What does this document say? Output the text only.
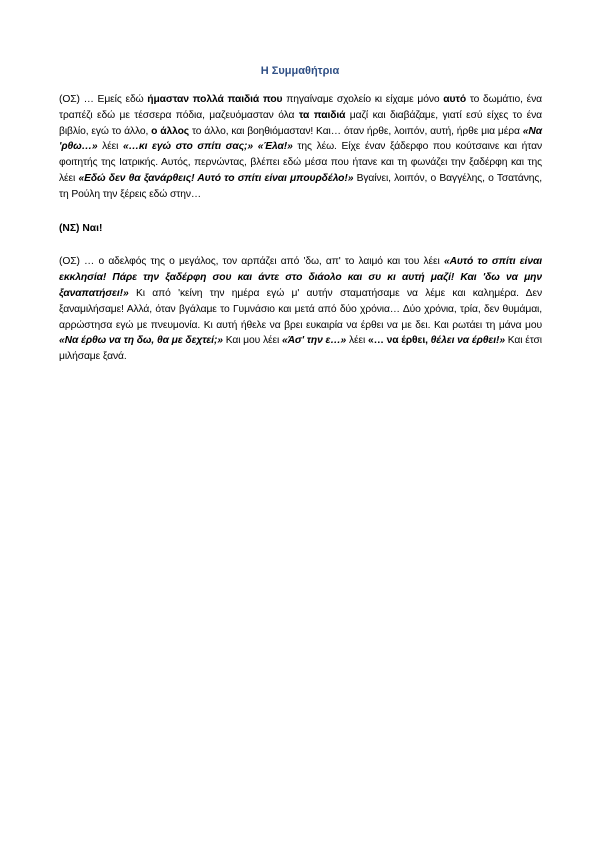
Η Συμμαθήτρια

(ΟΣ) … Εμείς εδώ ήμασταν πολλά παιδιά που πηγαίναμε σχολείο κι είχαμε μόνο αυτό το δωμάτιο, ένα τραπέζι εδώ με τέσσερα πόδια, μαζευόμασταν όλα τα παιδιά μαζί και διαβάζαμε, γιατί εσύ είχες το ένα βιβλίο, εγώ το άλλο, ο άλλος το άλλο, και βοηθιόμασταν! Και… όταν ήρθε, λοιπόν, αυτή, ήρθε μια μέρα «Να 'ρθω…» λέει «…κι εγώ στο σπίτι σας;» «Έλα!» της λέω. Είχε έναν ξάδερφο που κούτσαινε και ήταν φοιτητής της Ιατρικής. Αυτός, περνώντας, βλέπει εδώ μέσα που ήτανε και τη φωνάζει την ξαδέρφη και της λέει «Εδώ δεν θα ξανάρθεις! Αυτό το σπίτι είναι μπουρδέλο!» Βγαίνει, λοιπόν, ο Βαγγέλης, ο Τσατάνης, τη Ρούλη την ξέρεις εδώ στην…

(ΝΣ) Ναι!

(ΟΣ) … ο αδελφός της ο μεγάλος, τον αρπάζει από 'δω, απ' το λαιμό και του λέει «Αυτό το σπίτι είναι εκκλησία! Πάρε την ξαδέρφη σου και άντε στο διάολο και συ κι αυτή μαζί! Και 'δω να μην ξαναπατήσει!» Κι από 'κείνη την ημέρα εγώ μ' αυτήν σταματήσαμε να λέμε και καλημέρα. Δεν ξαναμιλήσαμε! Αλλά, όταν βγάλαμε το Γυμνάσιο και μετά από δύο χρόνια… Δύο χρόνια, τρία, δεν θυμάμαι, αρρώστησα εγώ με πνευμονία. Κι αυτή ήθελε να βρει ευκαιρία να έρθει να με δει. Και ρωτάει τη μάνα μου «Να έρθω να τη δω, θα με δεχτεί;» Και μου λέει «Άσ' την ε…» λέει «… να έρθει, θέλει να έρθει!» Και έτσι μιλήσαμε ξανά.
